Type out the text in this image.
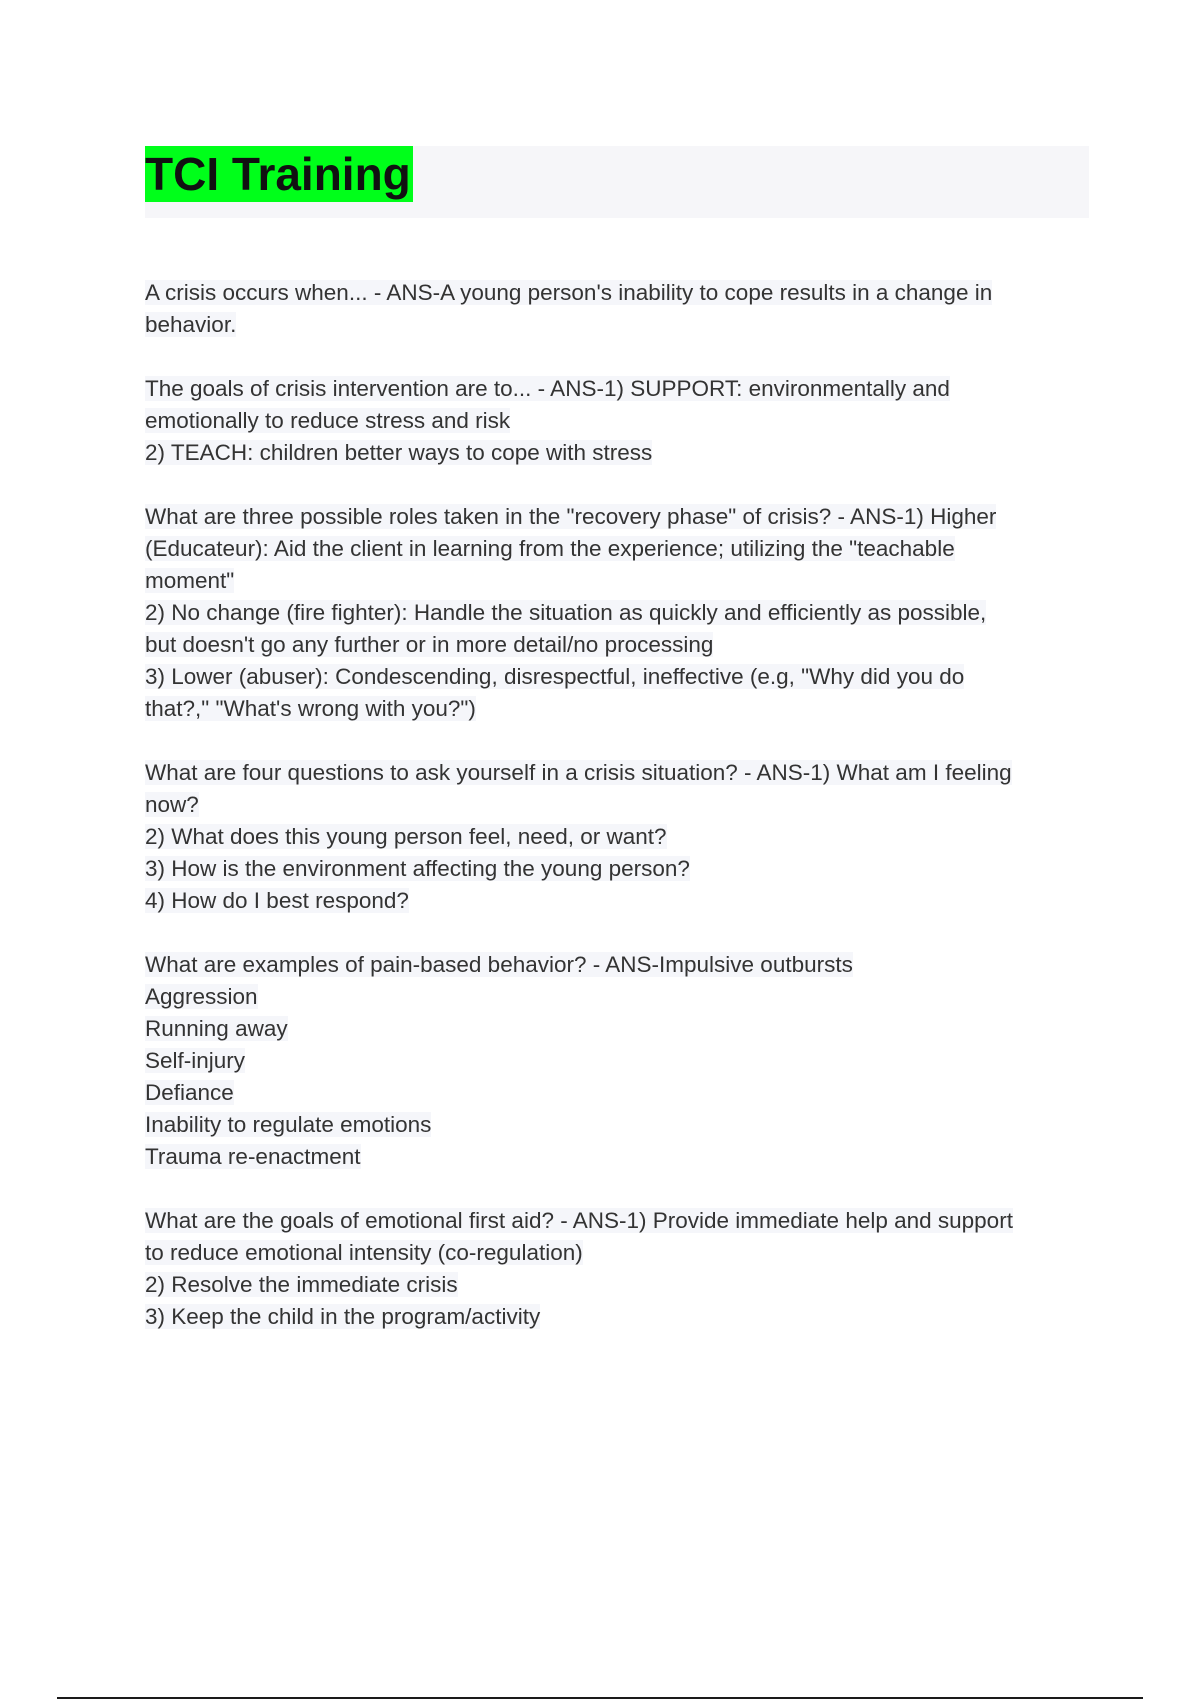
TCI Training
A crisis occurs when... - ANS-A young person's inability to cope results in a change in
behavior.
The goals of crisis intervention are to... - ANS-1) SUPPORT: environmentally and
emotionally to reduce stress and risk
2) TEACH: children better ways to cope with stress
What are three possible roles taken in the "recovery phase" of crisis? - ANS-1) Higher
(Educateur): Aid the client in learning from the experience; utilizing the "teachable
moment"
2) No change (fire fighter): Handle the situation as quickly and efficiently as possible,
but doesn't go any further or in more detail/no processing
3) Lower (abuser): Condescending, disrespectful, ineffective (e.g, "Why did you do
that?," "What's wrong with you?")
What are four questions to ask yourself in a crisis situation? - ANS-1) What am I feeling
now?
2) What does this young person feel, need, or want?
3) How is the environment affecting the young person?
4) How do I best respond?
What are examples of pain-based behavior? - ANS-Impulsive outbursts
Aggression
Running away
Self-injury
Defiance
Inability to regulate emotions
Trauma re-enactment
What are the goals of emotional first aid? - ANS-1) Provide immediate help and support
to reduce emotional intensity (co-regulation)
2) Resolve the immediate crisis
3) Keep the child in the program/activity
